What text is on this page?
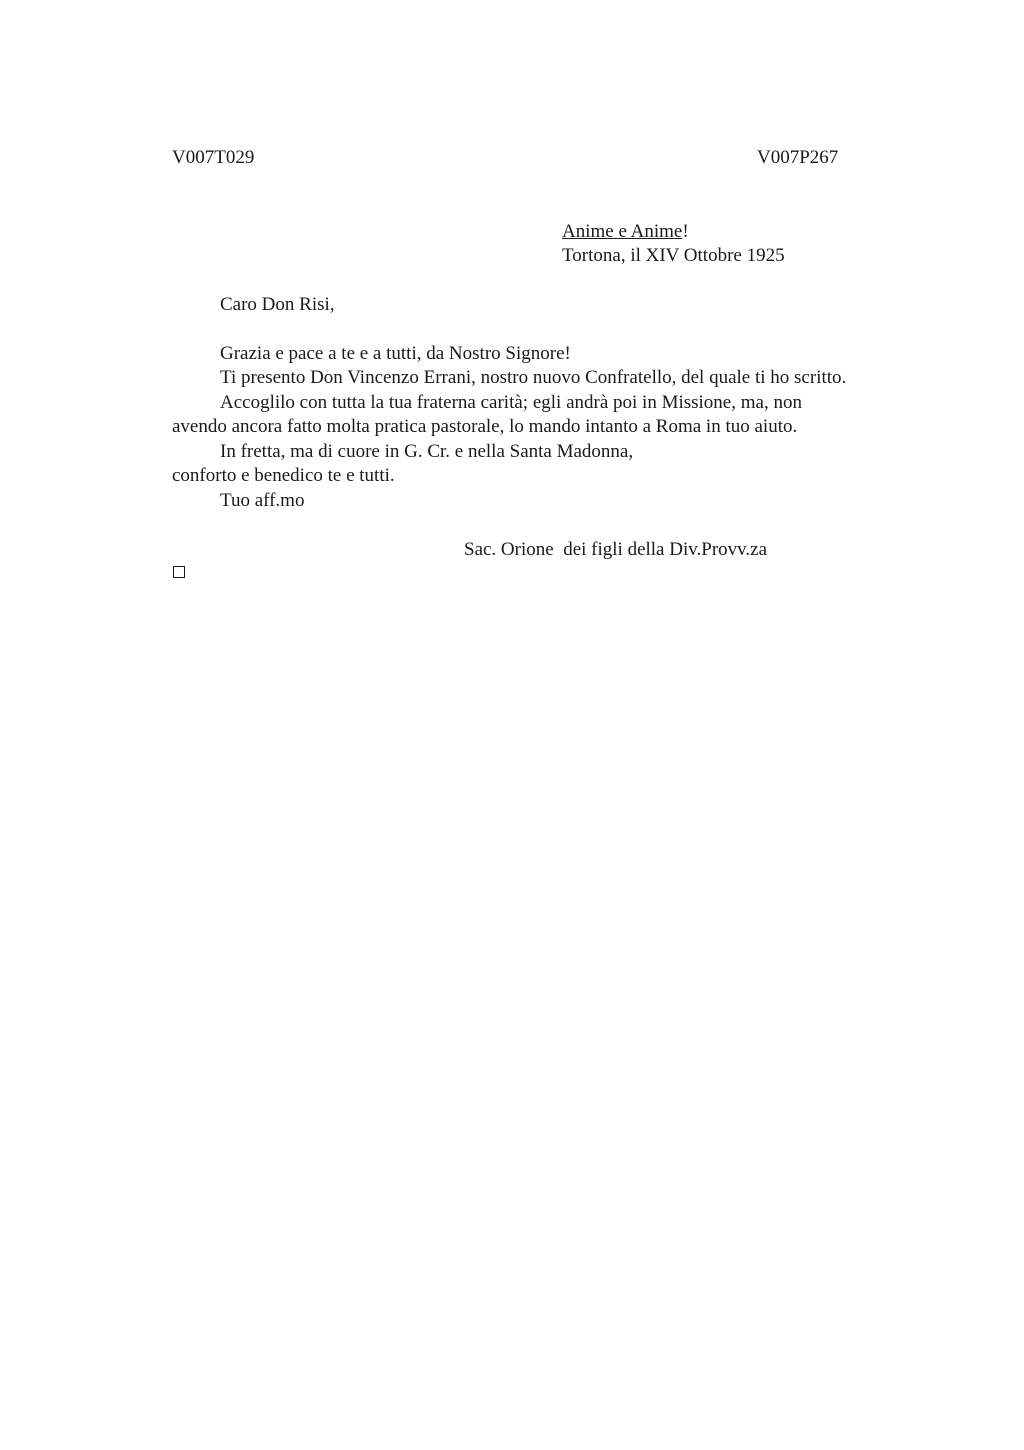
V007T029	V007P267
Anime e Anime!
Tortona, il XIV Ottobre 1925
Caro Don Risi,
Grazia e pace a te e a tutti, da Nostro Signore!
Ti presento Don Vincenzo Errani, nostro nuovo Confratello, del quale ti ho scritto.
Accoglilo con tutta la tua fraterna carità; egli andrà poi in Missione, ma, non
avendo ancora fatto molta pratica pastorale, lo mando intanto a Roma in tuo aiuto.
In fretta, ma di cuore in G. Cr. e nella Santa Madonna,
conforto e benedico te e tutti.
Tuo aff.mo
Sac. Orione  dei figli della Div.Provv.za
